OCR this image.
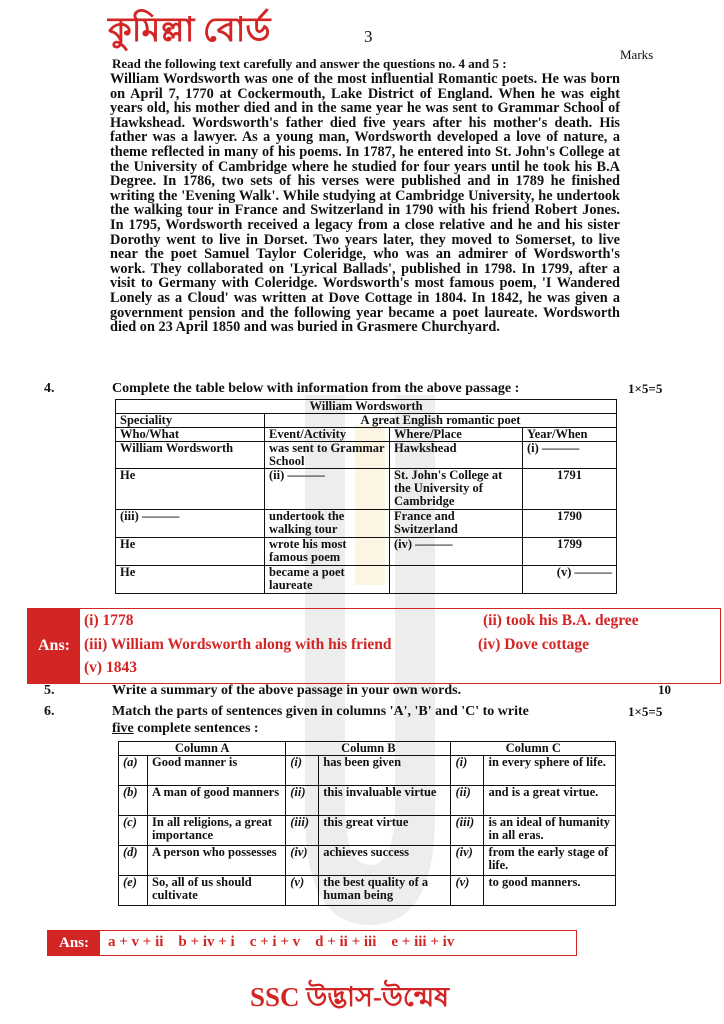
কুমিল্লা বোর্ড	3
Marks
Read the following text carefully and answer the questions no. 4 and 5 :

William Wordsworth was one of the most influential Romantic poets. He was born on April 7, 1770 at Cockermouth, Lake District of England. When he was eight years old, his mother died and in the same year he was sent to Grammar School of Hawkshead. Wordsworth's father died five years after his mother's death. His father was a lawyer. As a young man, Wordsworth developed a love of nature, a theme reflected in many of his poems. In 1787, he entered into St. John's College at the University of Cambridge where he studied for four years until he took his B.A Degree. In 1786, two sets of his verses were published and in 1789 he finished writing the 'Evening Walk'. While studying at Cambridge University, he undertook the walking tour in France and Switzerland in 1790 with his friend Robert Jones. In 1795, Wordsworth received a legacy from a close relative and he and his sister Dorothy went to live in Dorset. Two years later, they moved to Somerset, to live near the poet Samuel Taylor Coleridge, who was an admirer of Wordsworth's work. They collaborated on 'Lyrical Ballads', published in 1798. In 1799, after a visit to Germany with Coleridge. Wordsworth's most famous poem, 'I Wandered Lonely as a Cloud' was written at Dove Cottage in 1804. In 1842, he was given a government pension and the following year became a poet laureate. Wordsworth died on 23 April 1850 and was buried in Grasmere Churchyard.

4.	Complete the table below with information from the above passage :	1×5=5
William Wordsworth			
Speciality	A great English romantic poet		
Who/What	Event/Activity	Where/Place	Year/When
William Wordsworth	was sent to Grammar School	Hawkshead	(i) ———
He	(ii) ———	St. John's College at the University of Cambridge	1791
(iii) ———	undertook the walking tour	France and Switzerland	1790
He	wrote his most famous poem	(iv) ———	1799
He	became a poet laureate		(v) ———
Ans:
(i) 1778	(ii) took his B.A. degree
(iii) William Wordsworth along with his friend	(iv) Dove cottage
(v) 1843
5.	Write a summary of the above passage in your own words.	10
6.	Match the parts of sentences given in columns 'A', 'B' and 'C' to write	1×5=5
five complete sentences :
Column A		Column B		Column C	
(a)	Good manner is	(i)	has been given	(i)	in every sphere of life.
(b)	A man of good manners	(ii)	this invaluable virtue	(ii)	and is a great virtue.
(c)	In all religions, a great importance	(iii)	this great virtue	(iii)	is an ideal of humanity in all eras.
(d)	A person who possesses	(iv)	achieves success	(iv)	from the early stage of life.
(e)	So, all of us should cultivate	(v)	the best quality of a human being	(v)	to good manners.
Ans:	a + v + ii    b + iv + i    c + i + v    d + ii + iii    e + iii + iv
SSC উদ্ভাস-উন্মেষ
